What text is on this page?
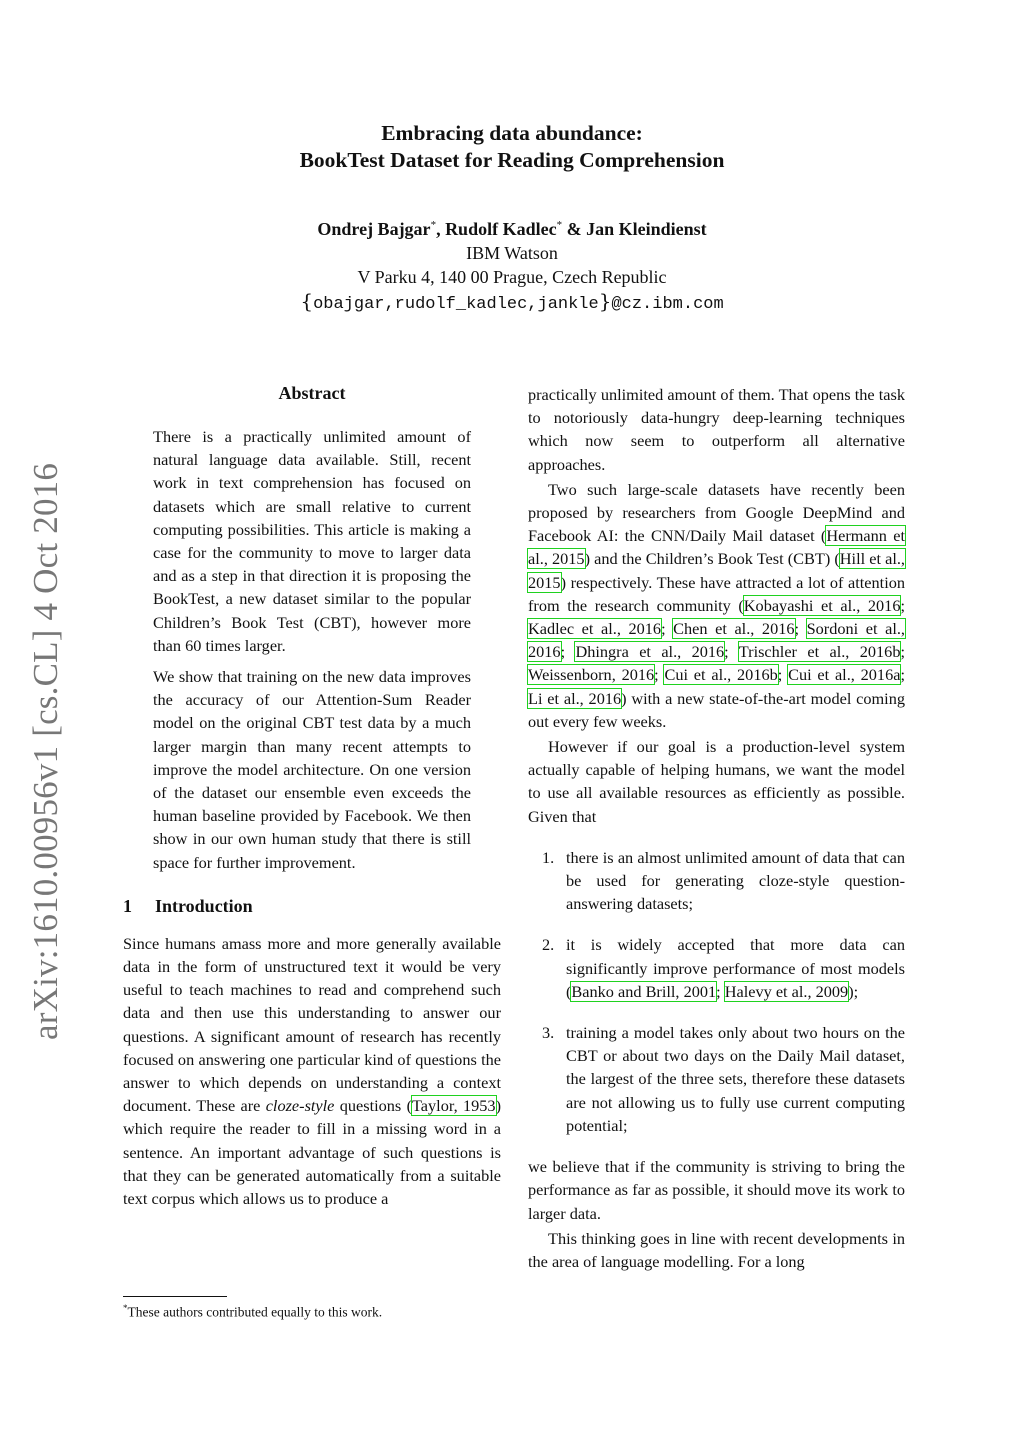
Embracing data abundance:
BookTest Dataset for Reading Comprehension
Ondrej Bajgar*, Rudolf Kadlec* & Jan Kleindienst
IBM Watson
V Parku 4, 140 00 Prague, Czech Republic
{obajgar,rudolf_kadlec,jankle}@cz.ibm.com
arXiv:1610.00956v1 [cs.CL] 4 Oct 2016

Abstract

There is a practically unlimited amount of natural language data available. Still, recent work in text comprehension has focused on datasets which are small relative to current computing possibilities. This article is making a case for the community to move to larger data and as a step in that direction it is proposing the BookTest, a new dataset similar to the popular Children’s Book Test (CBT), however more than 60 times larger.

We show that training on the new data improves the accuracy of our Attention-Sum Reader model on the original CBT test data by a much larger margin than many recent attempts to improve the model architecture. On one version of the dataset our ensemble even exceeds the human baseline provided by Facebook. We then show in our own human study that there is still space for further improvement.

1 Introduction

Since humans amass more and more generally available data in the form of unstructured text it would be very useful to teach machines to read and comprehend such data and then use this understanding to answer our questions. A significant amount of research has recently focused on answering one particular kind of questions the answer to which depends on understanding a context document. These are cloze-style questions (Taylor, 1953) which require the reader to fill in a missing word in a sentence. An important advantage of such questions is that they can be generated automatically from a suitable text corpus which allows us to produce a

practically unlimited amount of them. That opens the task to notoriously data-hungry deep-learning techniques which now seem to outperform all alternative approaches.

Two such large-scale datasets have recently been proposed by researchers from Google DeepMind and Facebook AI: the CNN/Daily Mail dataset (Hermann et al., 2015) and the Children’s Book Test (CBT) (Hill et al., 2015) respectively. These have attracted a lot of attention from the research community (Kobayashi et al., 2016; Kadlec et al., 2016; Chen et al., 2016; Sordoni et al., 2016; Dhingra et al., 2016; Trischler et al., 2016b; Weissenborn, 2016; Cui et al., 2016b; Cui et al., 2016a; Li et al., 2016) with a new state-of-the-art model coming out every few weeks.

However if our goal is a production-level system actually capable of helping humans, we want the model to use all available resources as efficiently as possible. Given that

1. there is an almost unlimited amount of data that can be used for generating cloze-style question-answering datasets;
2. it is widely accepted that more data can significantly improve performance of most models (Banko and Brill, 2001; Halevy et al., 2009);
3. training a model takes only about two hours on the CBT or about two days on the Daily Mail dataset, the largest of the three sets, therefore these datasets are not allowing us to fully use current computing potential;

we believe that if the community is striving to bring the performance as far as possible, it should move its work to larger data.

This thinking goes in line with recent developments in the area of language modelling. For a long

*These authors contributed equally to this work.
